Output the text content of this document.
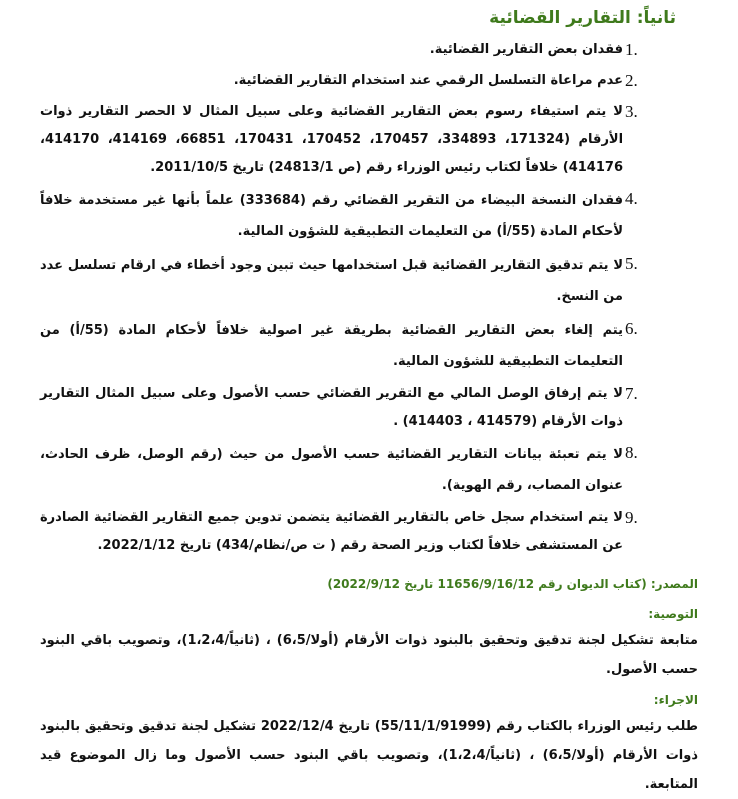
ثانياً: التقارير القضائية
1.
فقدان بعض التقارير القضائية.
2.
عدم مراعاة التسلسل الرقمي عند استخدام التقارير القضائية.
3.
لا يتم استيفاء رسوم بعض التقارير القضائية وعلى سبيل المثال لا الحصر التقارير ذوات الأرقام (171324، 334893، 170457، 170452، 170431، 66851، 414169، 414170، 414176) خلافاً لكتاب رئيس الوزراء رقم (ص 24813/1) تاريخ 2011/10/5.
4.
فقدان النسخة البيضاء من التقرير القضائي رقم (333684) علماً بأنها غير مستخدمة خلافاً لأحكام المادة (55/أ) من التعليمات التطبيقية للشؤون المالية.
5.
لا يتم تدقيق التقارير القضائية قبل استخدامها حيث تبين وجود أخطاء في ارقام تسلسل عدد من النسخ.
6.
يتم إلغاء بعض التقارير القضائية بطريقة غير اصولية خلافاً لأحكام المادة (55/أ) من التعليمات التطبيقية للشؤون المالية.
7.
لا يتم إرفاق الوصل المالي مع التقرير القضائي حسب الأصول وعلى سبيل المثال التقارير ذوات الأرقام (414579 ، 414403) .
8.
لا يتم تعبئة بيانات التقارير القضائية حسب الأصول من حيث (رقم الوصل، ظرف الحادث، عنوان المصاب، رقم الهوية).
9.
لا يتم استخدام سجل خاص بالتقارير القضائية يتضمن تدوين جميع التقارير القضائية الصادرة عن المستشفى خلافاً لكتاب وزير الصحة رقم ( ت ص/نظام/434) تاريخ 2022/1/12.
المصدر: (كتاب الديوان رقم 11656/9/16/12 تاريخ 2022/9/12)
التوصية:
متابعة تشكيل لجنة تدقيق وتحقيق بالبنود ذوات الأرقام (أولا/6،5) ، (ثانياً/1،2،4)، وتصويب باقي البنود حسب الأصول.
الاجراء:
طلب رئيس الوزراء بالكتاب رقم (55/11/1/91999) تاريخ 2022/12/4 تشكيل لجنة تدقيق وتحقيق بالبنود ذوات الأرقام (أولا/6،5) ، (ثانياً/1،2،4)، وتصويب باقي البنود حسب الأصول وما زال الموضوع قيد المتابعة.
